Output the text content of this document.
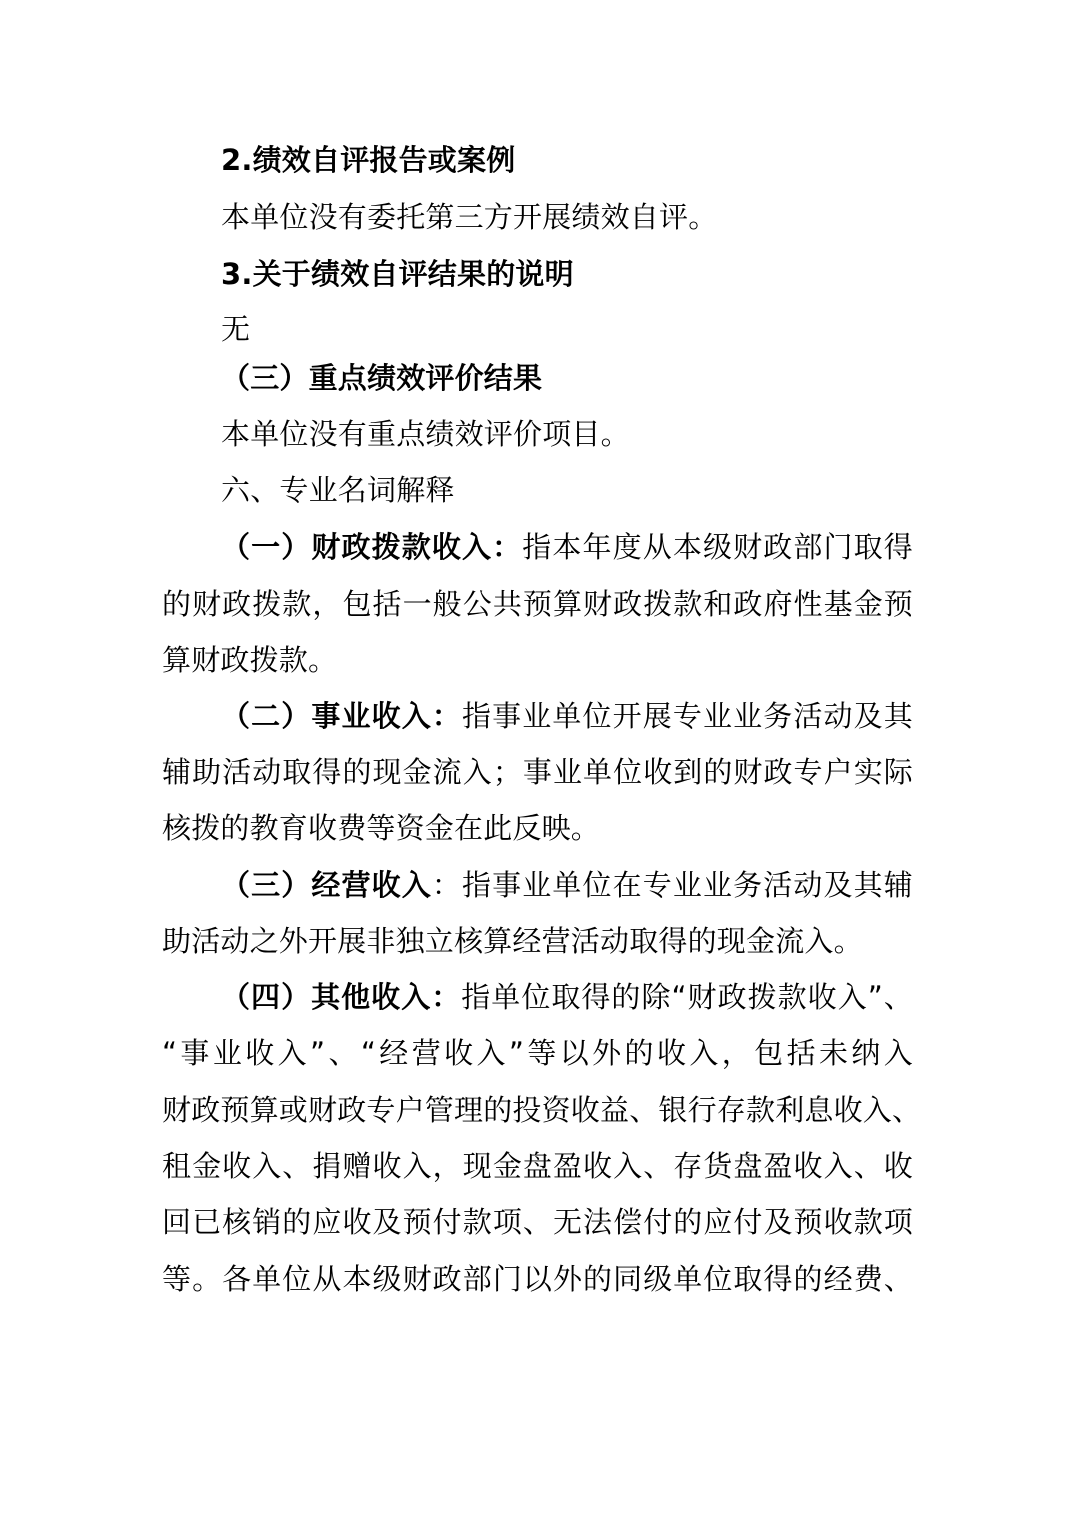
2.绩效自评报告或案例
本单位没有委托第三方开展绩效自评。
3.关于绩效自评结果的说明
无
（三）重点绩效评价结果
本单位没有重点绩效评价项目。
六、专业名词解释
（一）财政拨款收入：指本年度从本级财政部门取得
的财政拨款，包括一般公共预算财政拨款和政府性基金预
算财政拨款。
（二）事业收入：指事业单位开展专业业务活动及其
辅助活动取得的现金流入；事业单位收到的财政专户实际
核拨的教育收费等资金在此反映。
（三）经营收入：指事业单位在专业业务活动及其辅
助活动之外开展非独立核算经营活动取得的现金流入。
（四）其他收入：指单位取得的除“财政拨款收入”、
“事业收入”、“经营收入”等以外的收入，包括未纳入
财政预算或财政专户管理的投资收益、银行存款利息收入、
租金收入、捐赠收入，现金盘盈收入、存货盘盈收入、收
回已核销的应收及预付款项、无法偿付的应付及预收款项
等。各单位从本级财政部门以外的同级单位取得的经费、
